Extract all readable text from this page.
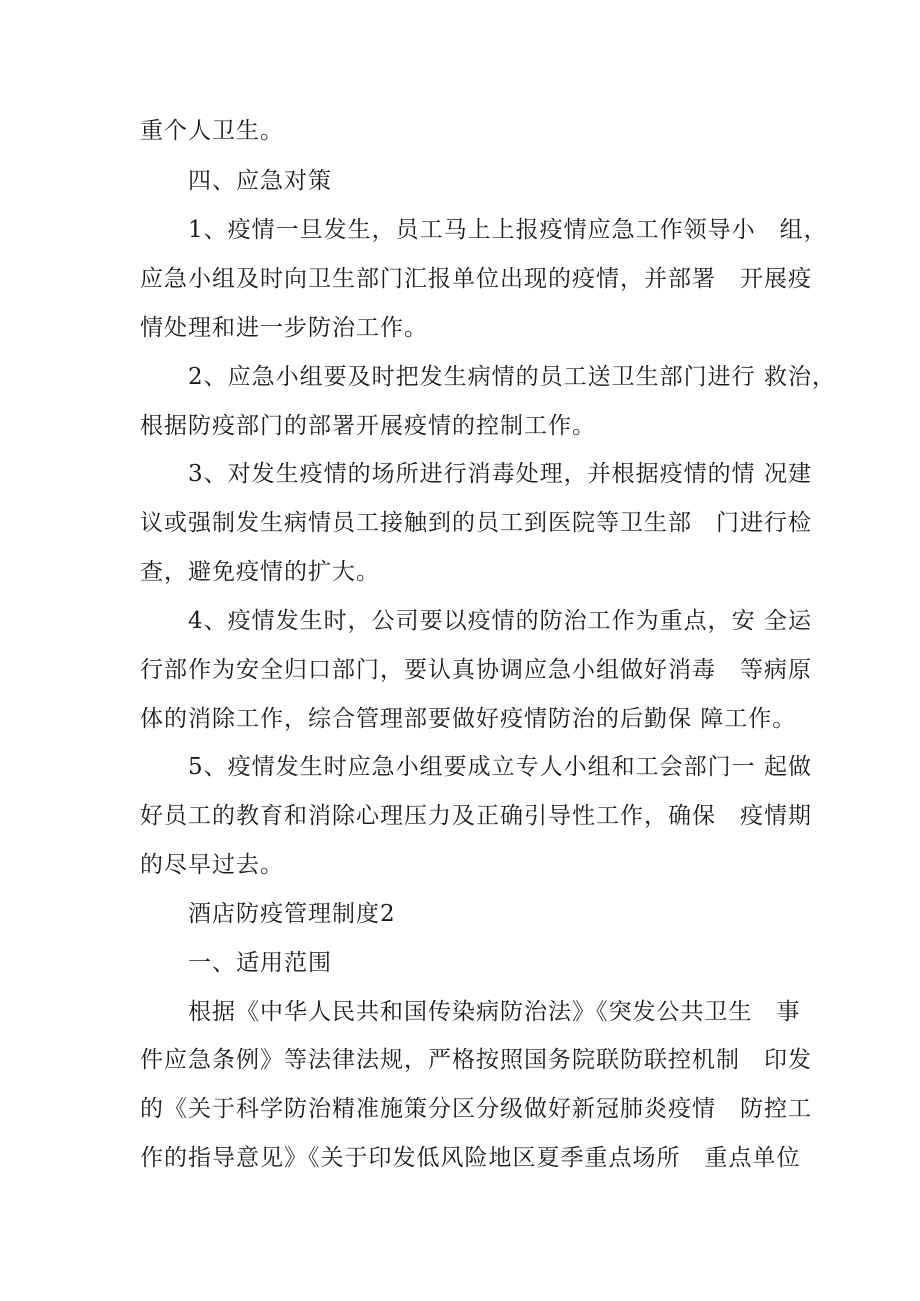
重个人卫生。
四、应急对策
1、疫情一旦发生，员工马上上报疫情应急工作领导小　组，
应急小组及时向卫生部门汇报单位出现的疫情，并部署　开展疫
情处理和进一步防治工作。
2、应急小组要及时把发生病情的员工送卫生部门进行 救治，
根据防疫部门的部署开展疫情的控制工作。
3、对发生疫情的场所进行消毒处理，并根据疫情的情 况建
议或强制发生病情员工接触到的员工到医院等卫生部　门进行检
查，避免疫情的扩大。
4、疫情发生时，公司要以疫情的防治工作为重点，安 全运
行部作为安全归口部门，要认真协调应急小组做好消毒　等病原
体的消除工作，综合管理部要做好疫情防治的后勤保 障工作。
5、疫情发生时应急小组要成立专人小组和工会部门一 起做
好员工的教育和消除心理压力及正确引导性工作，确保　疫情期
的尽早过去。
酒店防疫管理制度2
一、适用范围
根据《中华人民共和国传染病防治法》《突发公共卫生　事
件应急条例》等法律法规，严格按照国务院联防联控机制　印发
的《关于科学防治精准施策分区分级做好新冠肺炎疫情　防控工
作的指导意见》《关于印发低风险地区夏季重点场所　重点单位
